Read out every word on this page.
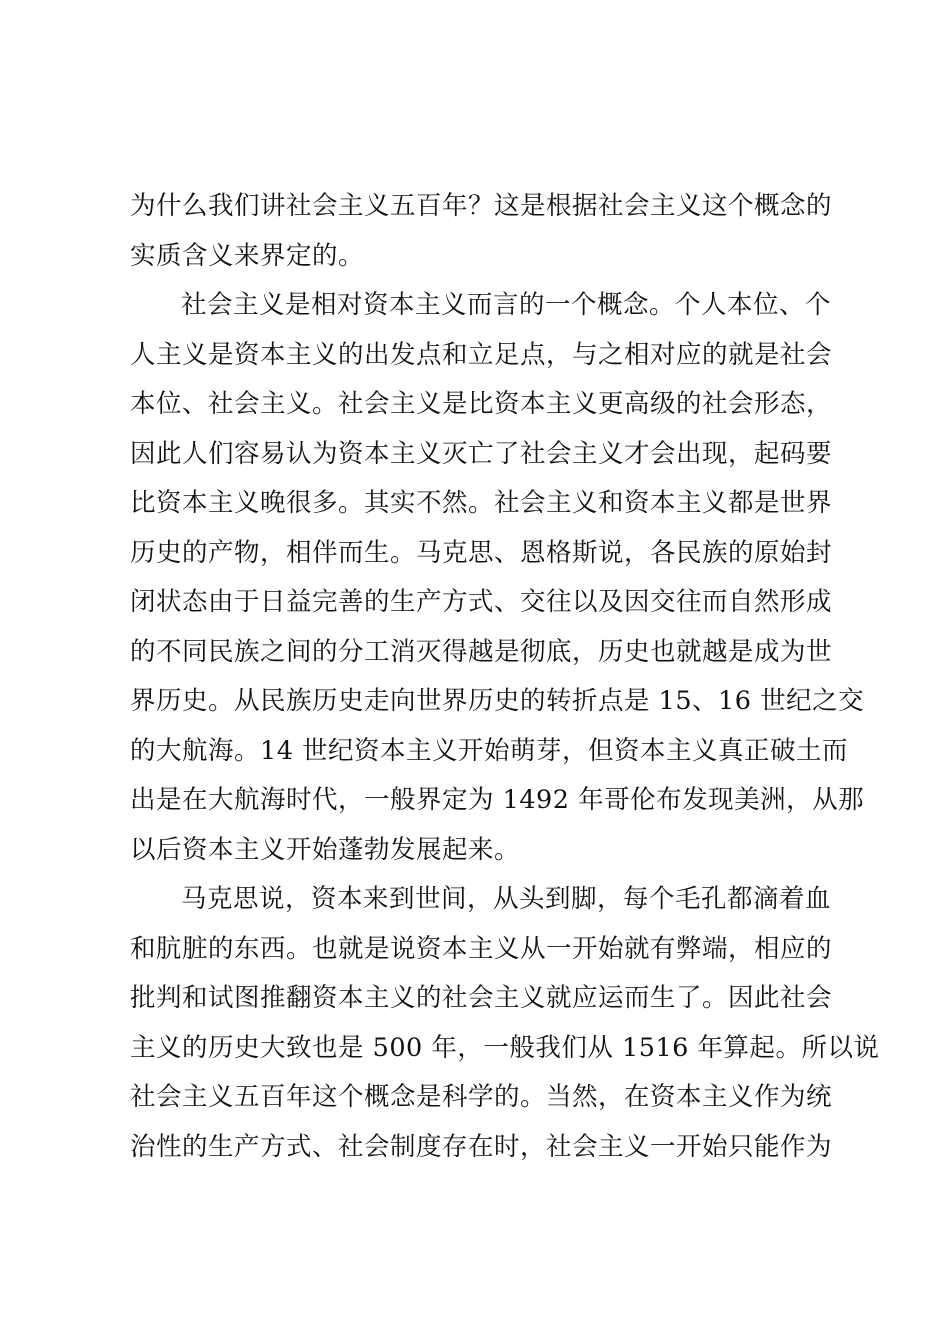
为什么我们讲社会主义五百年？这是根据社会主义这个概念的
实质含义来界定的。

社会主义是相对资本主义而言的一个概念。个人本位、个
人主义是资本主义的出发点和立足点，与之相对应的就是社会
本位、社会主义。社会主义是比资本主义更高级的社会形态，
因此人们容易认为资本主义灭亡了社会主义才会出现，起码要
比资本主义晚很多。其实不然。社会主义和资本主义都是世界
历史的产物，相伴而生。马克思、恩格斯说，各民族的原始封
闭状态由于日益完善的生产方式、交往以及因交往而自然形成
的不同民族之间的分工消灭得越是彻底，历史也就越是成为世
界历史。从民族历史走向世界历史的转折点是 15、16 世纪之交
的大航海。14 世纪资本主义开始萌芽，但资本主义真正破土而
出是在大航海时代，一般界定为 1492 年哥伦布发现美洲，从那
以后资本主义开始蓬勃发展起来。

马克思说，资本来到世间，从头到脚，每个毛孔都滴着血
和肮脏的东西。也就是说资本主义从一开始就有弊端，相应的
批判和试图推翻资本主义的社会主义就应运而生了。因此社会
主义的历史大致也是 500 年，一般我们从 1516 年算起。所以说
社会主义五百年这个概念是科学的。当然，在资本主义作为统
治性的生产方式、社会制度存在时，社会主义一开始只能作为
